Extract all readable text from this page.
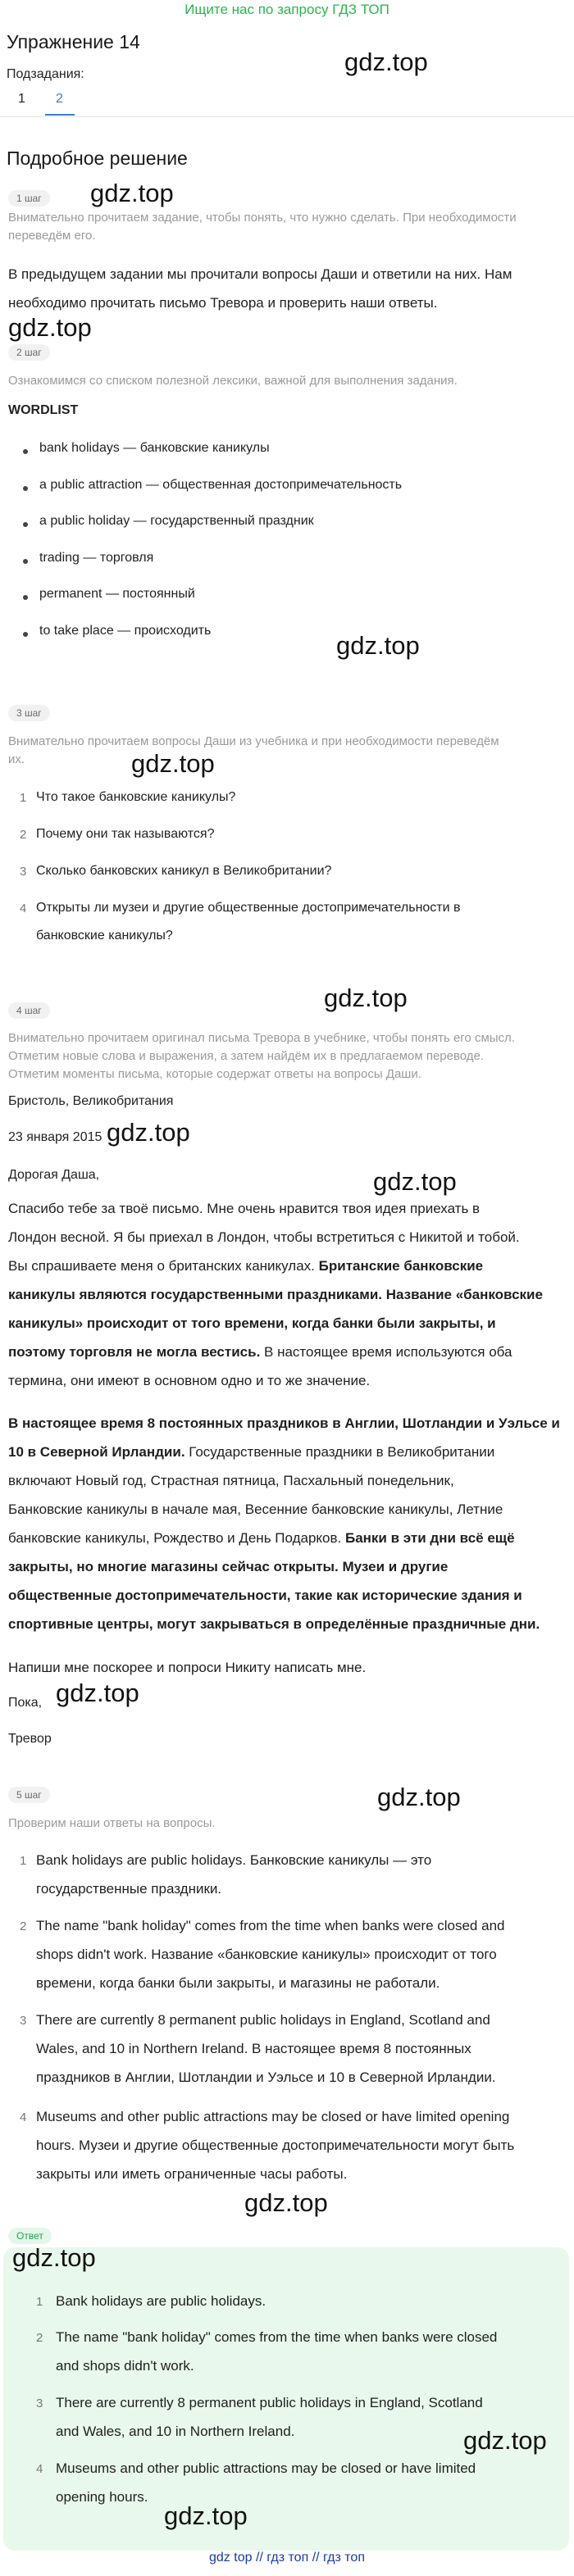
Ищите нас по запросу ГДЗ ТОП
Упражнение 14
gdz.top
Подзадания:
1 2
Подробное решение
1 шаг	gdz.top
Внимательно прочитаем задание, чтобы понять, что нужно сделать. При необходимости переведём его.
В предыдущем задании мы прочитали вопросы Даши и ответили на них. Нам
необходимо прочитать письмо Тревора и проверить наши ответы.
gdz.top
2 шаг
Ознакомимся со списком полезной лексики, важной для выполнения задания.
WORDLIST
bank holidays — банковские каникулы
a public attraction — общественная достопримечательность
a public holiday — государственный праздник
trading — торговля
permanent — постоянный
to take place — происходить
gdz.top
3 шаг
Внимательно прочитаем вопросы Даши из учебника и при необходимости переведём
их.	gdz.top
1 Что такое банковские каникулы?
2 Почему они так называются?
3 Сколько банковских каникул в Великобритании?
4 Открыты ли музеи и другие общественные достопримечательности в
банковские каникулы?
gdz.top
4 шаг
Внимательно прочитаем оригинал письма Тревора в учебнике, чтобы понять его смысл.
Отметим новые слова и выражения, а затем найдём их в предлагаемом переводе.
Отметим моменты письма, которые содержат ответы на вопросы Даши.
Бристоль, Великобритания
23 января 2015 gdz.top
Дорогая Даша,	gdz.top
Спасибо тебе за твоё письмо. Мне очень нравится твоя идея приехать в
Лондон весной. Я бы приехал в Лондон, чтобы встретиться с Никитой и тобой.
Вы спрашиваете меня о британских каникулах. Британские банковские
каникулы являются государственными праздниками. Название «банковские
каникулы» происходит от того времени, когда банки были закрыты, и
поэтому торговля не могла вестись. В настоящее время используются оба
термина, они имеют в основном одно и то же значение.
В настоящее время 8 постоянных праздников в Англии, Шотландии и Уэльсе и
10 в Северной Ирландии. Государственные праздники в Великобритании
включают Новый год, Страстная пятница, Пасхальный понедельник,
Банковские каникулы в начале мая, Весенние банковские каникулы, Летние
банковские каникулы, Рождество и День Подарков. Банки в эти дни всё ещё
закрыты, но многие магазины сейчас открыты. Музеи и другие
общественные достопримечательности, такие как исторические здания и
спортивные центры, могут закрываться в определённые праздничные дни.
Напиши мне поскорее и попроси Никиту написать мне.
gdz.top
Пока,
Тревор
gdz.top
5 шаг
Проверим наши ответы на вопросы.
1 Bank holidays are public holidays. Банковские каникулы — это
государственные праздники.
2 The name "bank holiday" comes from the time when banks were closed and
shops didn't work. Название «банковские каникулы» происходит от того
времени, когда банки были закрыты, и магазины не работали.
3 There are currently 8 permanent public holidays in England, Scotland and
Wales, and 10 in Northern Ireland. В настоящее время 8 постоянных
праздников в Англии, Шотландии и Уэльсе и 10 в Северной Ирландии.
4 Museums and other public attractions may be closed or have limited opening
hours. Музеи и другие общественные достопримечательности могут быть
закрыты или иметь ограниченные часы работы.
gdz.top
Ответ
gdz.top
1 Bank holidays are public holidays.
2 The name "bank holiday" comes from the time when banks were closed
and shops didn't work.
3 There are currently 8 permanent public holidays in England, Scotland
and Wales, and 10 in Northern Ireland.	gdz.top
4 Museums and other public attractions may be closed or have limited
opening hours.
gdz.top
gdz top // гдз топ // гдз топ
